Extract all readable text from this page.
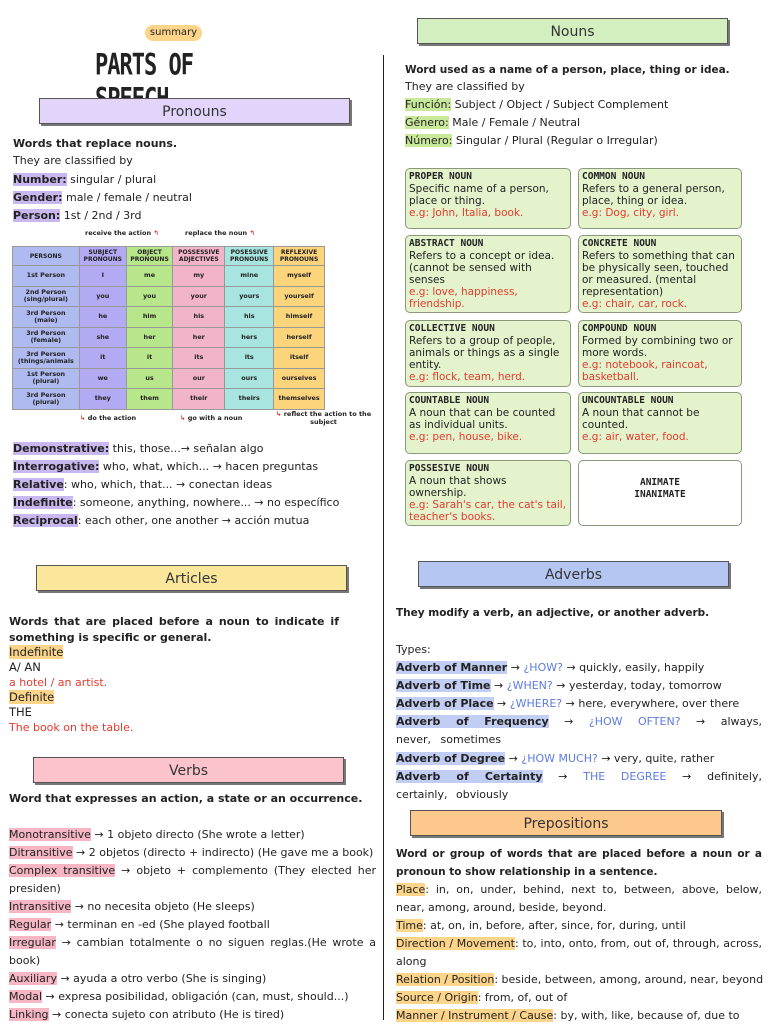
summary
PARTS OF
Pronouns
Words that replace nouns.
They are classified by
Number: singular / plural
Gender: male / female / neutral
Person: 1st / 2nd / 3rd
receive the action ↰	replace the noun ↰
PERSONS	SUBJECT PRONOUNS	OBJECT PRONOUNS	POSSESSIVE ADJECTIVES	POSESSIVE PRONOUNS	REFLEXIVE PRONOUNS
1st Person	I	me	my	mine	myself
2nd Person (sing/plural)	you	you	your	yours	yourself
3rd Person (male)	he	him	his	his	himself
3rd Person (female)	she	her	her	hers	herself
3rd Person (things/animals	it	it	its	its	itself
1st Person (plural)	we	us	our	ours	ourselves
3rd Person (plural)	they	them	their	theirs	themselves
↳ do the action	↳ go with a noun	↳ reflect the action to the
subject
Demonstrative: this, those...→ señalan algo
Interrogative: who, what, which... → hacen preguntas
Relative: who, which, that... → conectan ideas
Indefinite: someone, anything, nowhere... → no específico
Reciprocal: each other, one another → acción mutua
Articles
Words that are placed before a noun to indicate if something is specific or general.
Indefinite
A/ AN
a hotel / an artist.
Definite
THE
The book on the table.
Verbs
Word that expresses an action, a state or an occurrence.
Monotransitive → 1 objeto directo (She wrote a letter)
Ditransitive → 2 objetos (directo + indirecto) (He gave me a book)
Complex transitive → objeto + complemento (They elected her presiden)
Intransitive → no necesita objeto (He sleeps)
Regular → terminan en -ed (She played football
Irregular → cambian totalmente o no siguen reglas.(He wrote a book)
Auxiliary → ayuda a otro verbo (She is singing)
Modal → expresa posibilidad, obligación (can, must, should...)
Linking → conecta sujeto con atributo (He is tired)
Nouns
Word used as a name of a person, place, thing or idea.
They are classified by
Función: Subject / Object / Subject Complement
Género: Male / Female / Neutral
Número: Singular / Plural (Regular o Irregular)
PROPER NOUN
Specific name of a person, place or thing.
e.g: John, Italia, book.
COMMON NOUN
Refers to a general person, place, thing or idea.
e.g: Dog, city, girl.
ABSTRACT NOUN
Refers to a concept or idea. (cannot be sensed with senses
e.g: love, happiness, friendship.
CONCRETE NOUN
Refers to something that can be physically seen, touched or measured. (mental representation)
e.g: chair, car, rock.
COLLECTIVE NOUN
Refers to a group of people, animals or things as a single entity.
e.g: flock, team, herd.
COMPOUND NOUN
Formed by combining two or more words.
e.g: notebook, raincoat, basketball.
COUNTABLE NOUN
A noun that can be counted as individual units.
e.g: pen, house, bike.
UNCOUNTABLE NOUN
A noun that cannot be counted.
e.g: air, water, food.
POSSESIVE NOUN
A noun that shows ownership.
e.g: Sarah's car, the cat's tail, teacher's books.
ANIMATE
INANIMATE
Adverbs
They modify a verb, an adjective, or another adverb.
Types:
Adverb of Manner → ¿HOW? → quickly, easily, happily
Adverb of Time → ¿WHEN? → yesterday, today, tomorrow
Adverb of Place → ¿WHERE? → here, everywhere, over there
Adverb of Frequency → ¿HOW OFTEN? → always, never, sometimes
Adverb of Degree → ¿HOW MUCH? → very, quite, rather
Adverb of Certainty → THE DEGREE → definitely, certainly, obviously
Prepositions
Word or group of words that are placed before a noun or a pronoun to show relationship in a sentence.
Place: in, on, under, behind, next to, between, above, below, near, among, around, beside, beyond.
Time: at, on, in, before, after, since, for, during, until
Direction / Movement: to, into, onto, from, out of, through, across, along
Relation / Position: beside, between, among, around, near, beyond
Source / Origin: from, of, out of
Manner / Instrument / Cause: by, with, like, because of, due to
